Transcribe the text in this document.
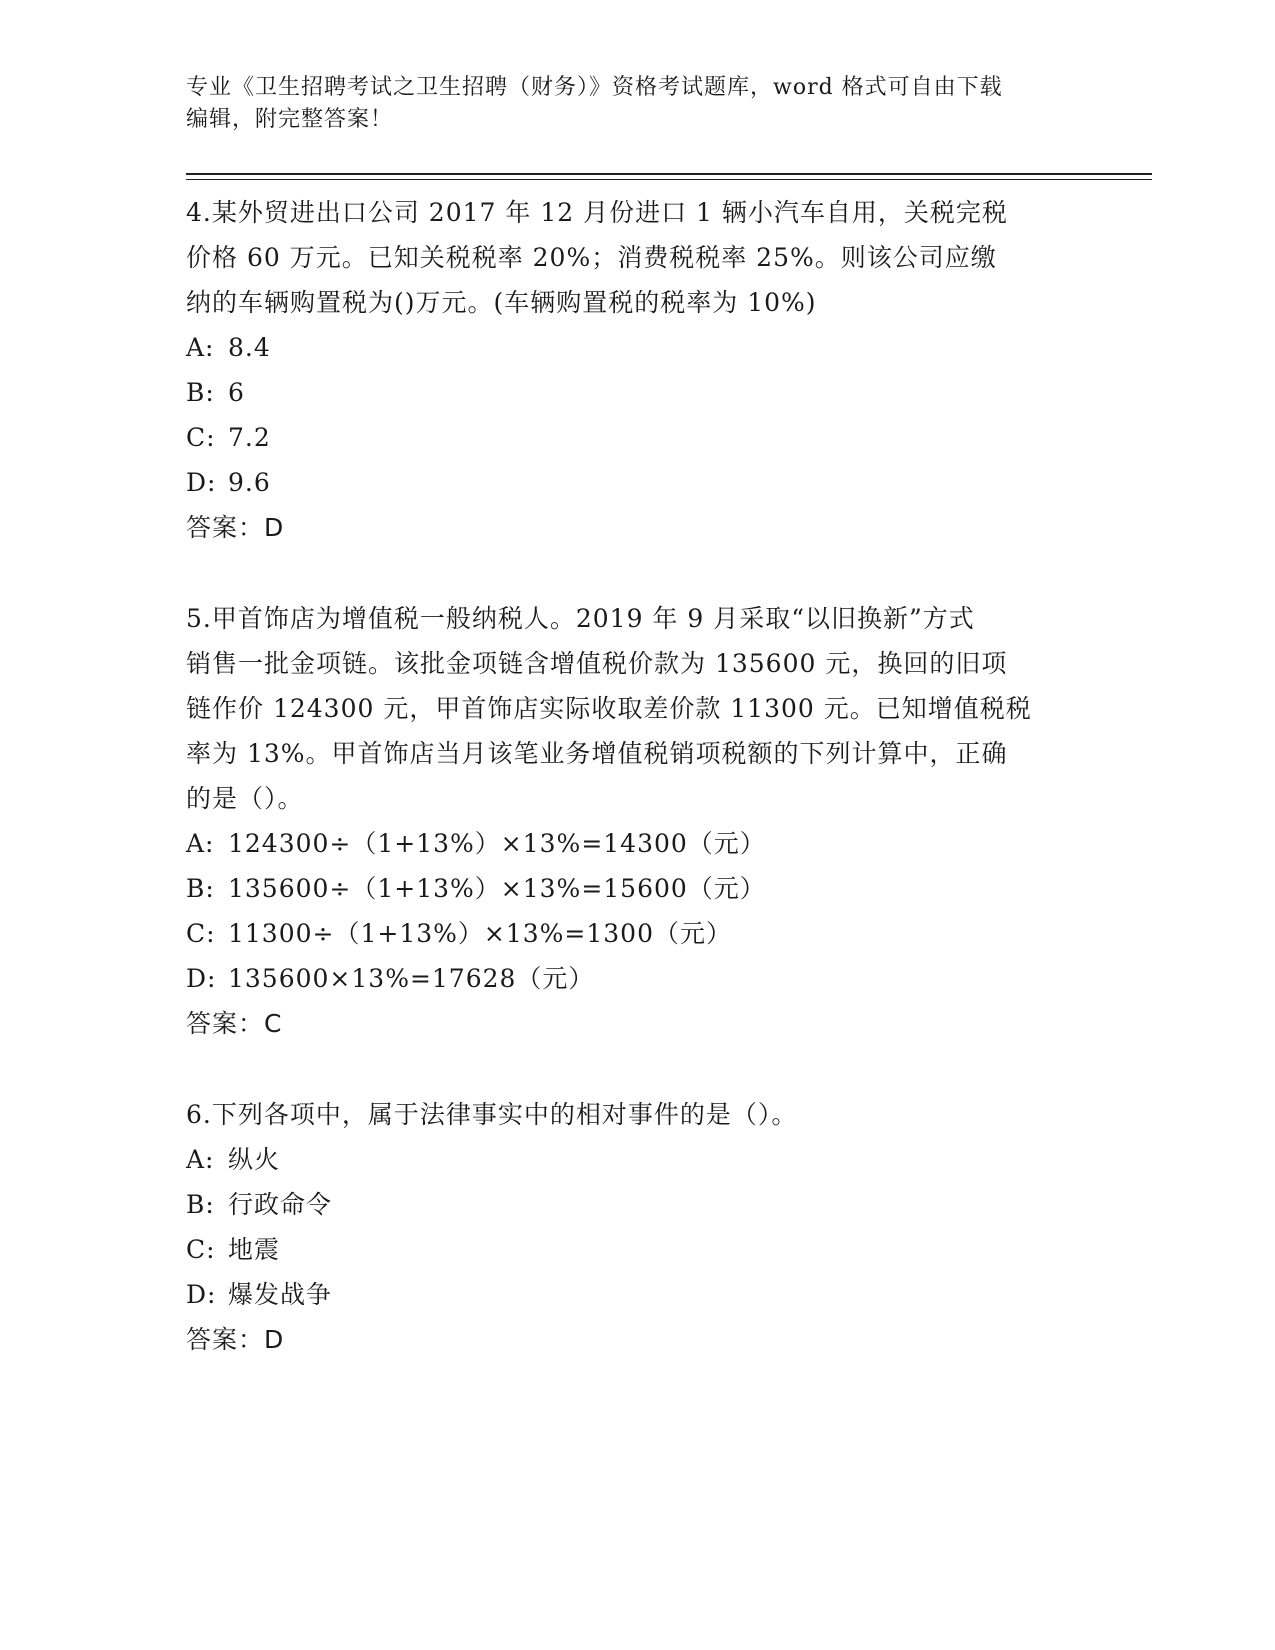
专业《卫生招聘考试之卫生招聘（财务）》资格考试题库，word 格式可自由下载
编辑，附完整答案！

4.某外贸进出口公司 2017 年 12 月份进口 1 辆小汽车自用，关税完税

价格 60 万元。已知关税税率 20%；消费税税率 25%。则该公司应缴

纳的车辆购置税为()万元。(车辆购置税的税率为 10%)

A: 8.4

B: 6

C: 7.2

D: 9.6

答案：D

5.甲首饰店为增值税一般纳税人。2019 年 9 月采取“以旧换新”方式

销售一批金项链。该批金项链含增值税价款为 135600 元，换回的旧项

链作价 124300 元，甲首饰店实际收取差价款 11300 元。已知增值税税

率为 13%。甲首饰店当月该笔业务增值税销项税额的下列计算中，正确

的是（）。

A: 124300÷（1+13%）×13%=14300（元）

B: 135600÷（1+13%）×13%=15600（元）

C: 11300÷（1+13%）×13%=1300（元）

D: 135600×13%=17628（元）

答案：C

6.下列各项中，属于法律事实中的相对事件的是（）。

A: 纵火

B: 行政命令

C: 地震

D: 爆发战争

答案：D
